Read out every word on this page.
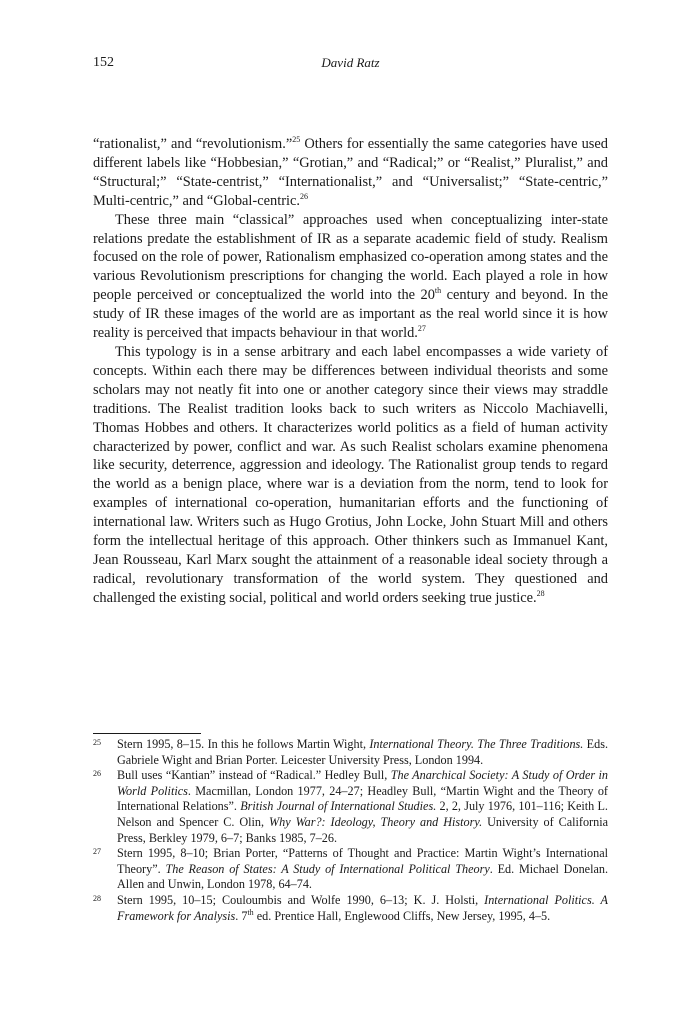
152	David Ratz

“rationalist,” and “revolutionism.”$^{25}$ Others for essentially the same categories have used different labels like “Hobbesian,” “Grotian,” and “Radical;” or “Realist,” Pluralist,” and “Structural;” “State-centrist,” “Internationalist,” and “Universalist;” “State-centric,” Multi-centric,” and “Global-centric.$^{26}$

These three main “classical” approaches used when conceptualizing inter-state relations predate the establishment of IR as a separate academic field of study. Realism focused on the role of power, Rationalism emphasized co-operation among states and the various Revolutionism prescriptions for changing the world. Each played a role in how people perceived or conceptualized the world into the 20th century and beyond. In the study of IR these images of the world are as important as the real world since it is how reality is perceived that impacts behaviour in that world.$^{27}$

This typology is in a sense arbitrary and each label encompasses a wide variety of concepts. Within each there may be differences between individual theorists and some scholars may not neatly fit into one or another category since their views may straddle traditions. The Realist tradition looks back to such writers as Niccolo Machiavelli, Thomas Hobbes and others. It characterizes world politics as a field of human activity characterized by power, conflict and war. As such Realist scholars examine phenomena like security, deterrence, aggression and ideology. The Rationalist group tends to regard the world as a benign place, where war is a deviation from the norm, tend to look for examples of international co-operation, humanitarian efforts and the functioning of international law. Writers such as Hugo Grotius, John Locke, John Stuart Mill and others form the intellectual heritage of this approach. Other thinkers such as Immanuel Kant, Jean Rousseau, Karl Marx sought the attainment of a reasonable ideal society through a radical, revolutionary transformation of the world system. They questioned and challenged the existing social, political and world orders seeking true justice.$^{28}$

25 Stern 1995, 8–15. In this he follows Martin Wight, International Theory. The Three Traditions. Eds. Gabriele Wight and Brian Porter. Leicester University Press, London 1994.
26 Bull uses “Kantian” instead of “Radical.” Hedley Bull, The Anarchical Society: A Study of Order in World Politics. Macmillan, London 1977, 24–27; Headley Bull, “Martin Wight and the Theory of International Relations”. British Journal of International Studies. 2, 2, July 1976, 101–116; Keith L. Nelson and Spencer C. Olin, Why War?: Ideology, Theory and History. University of California Press, Berkley 1979, 6–7; Banks 1985, 7–26.
27 Stern 1995, 8–10; Brian Porter, “Patterns of Thought and Practice: Martin Wight’s International Theory”. The Reason of States: A Study of International Political Theory. Ed. Michael Donelan. Allen and Unwin, London 1978, 64–74.
28 Stern 1995, 10–15; Couloumbis and Wolfe 1990, 6–13; K. J. Holsti, International Politics. A Framework for Analysis. 7th ed. Prentice Hall, Englewood Cliffs, New Jersey, 1995, 4–5.
